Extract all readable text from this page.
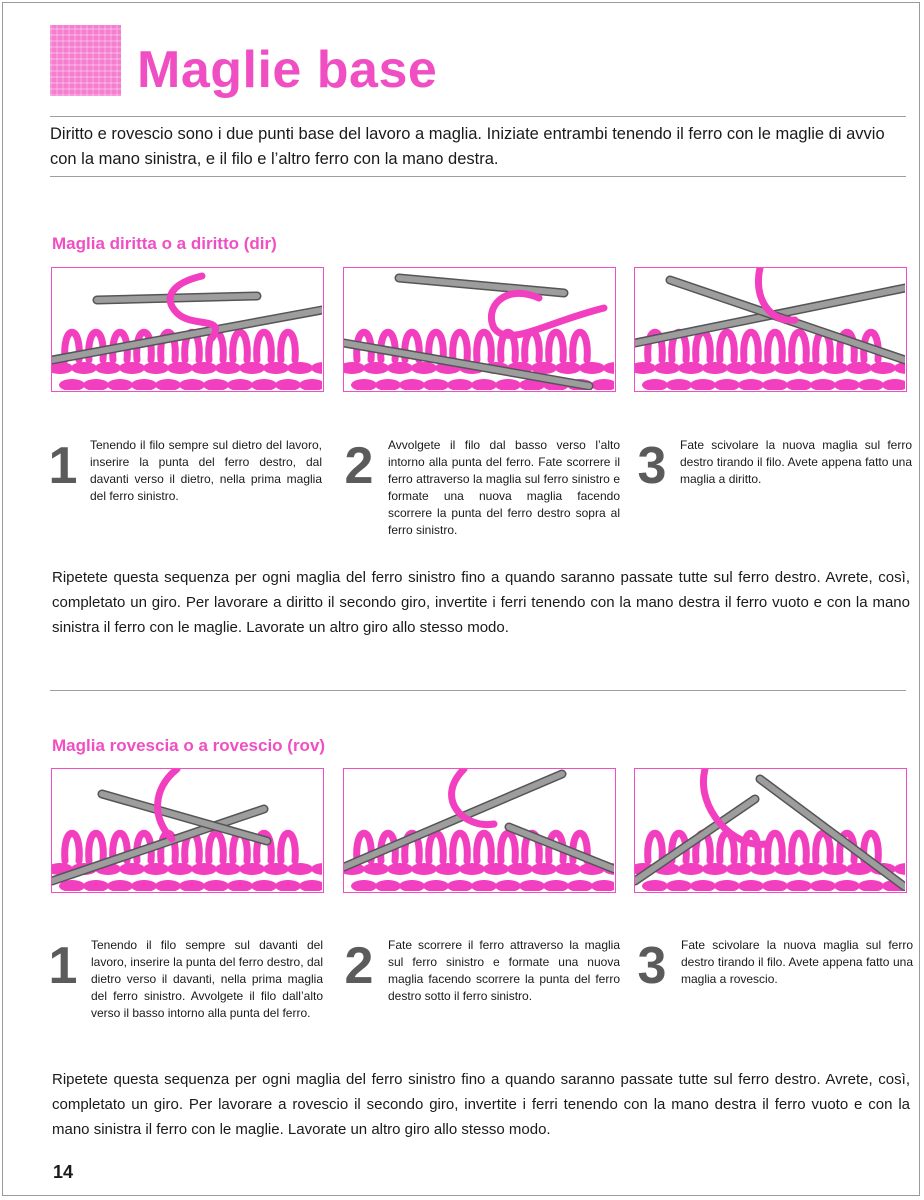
Maglie base

Diritto e rovescio sono i due punti base del lavoro a maglia. Iniziate entrambi tenendo il ferro con le maglie di avvio con la mano sinistra, e il filo e l’altro ferro con la mano destra.

Maglia diritta o a diritto (dir)
1 Tenendo il filo sempre sul dietro del lavoro, inserire la punta del ferro destro, dal davanti verso il dietro, nella prima maglia del ferro sinistro.

2 Avvolgete il filo dal basso verso l’alto intorno alla punta del ferro. Fate scorrere il ferro attraverso la maglia sul ferro sinistro e formate una nuova maglia facendo scorrere la punta del ferro destro sopra al ferro sinistro.

3 Fate scivolare la nuova maglia sul ferro destro tirando il filo. Avete appena fatto una maglia a diritto.

Ripetete questa sequenza per ogni maglia del ferro sinistro fino a quando saranno passate tutte sul ferro destro. Avrete, così, completato un giro. Per lavorare a diritto il secondo giro, invertite i ferri tenendo con la mano destra il ferro vuoto e con la mano sinistra il ferro con le maglie. Lavorate un altro giro allo stesso modo.

Maglia rovescia o a rovescio (rov)
1 Tenendo il filo sempre sul davanti del lavoro, inserire la punta del ferro destro, dal dietro verso il davanti, nella prima maglia del ferro sinistro. Avvolgete il filo dall’alto verso il basso intorno alla punta del ferro.

2 Fate scorrere il ferro attraverso la maglia sul ferro sinistro e formate una nuova maglia facendo scorrere la punta del ferro destro sotto il ferro sinistro.

3 Fate scivolare la nuova maglia sul ferro destro tirando il filo. Avete appena fatto una maglia a rovescio.

Ripetete questa sequenza per ogni maglia del ferro sinistro fino a quando saranno passate tutte sul ferro destro. Avrete, così, completato un giro. Per lavorare a rovescio il secondo giro, invertite i ferri tenendo con la mano destra il ferro vuoto e con la mano sinistra il ferro con le maglie. Lavorate un altro giro allo stesso modo.

14
